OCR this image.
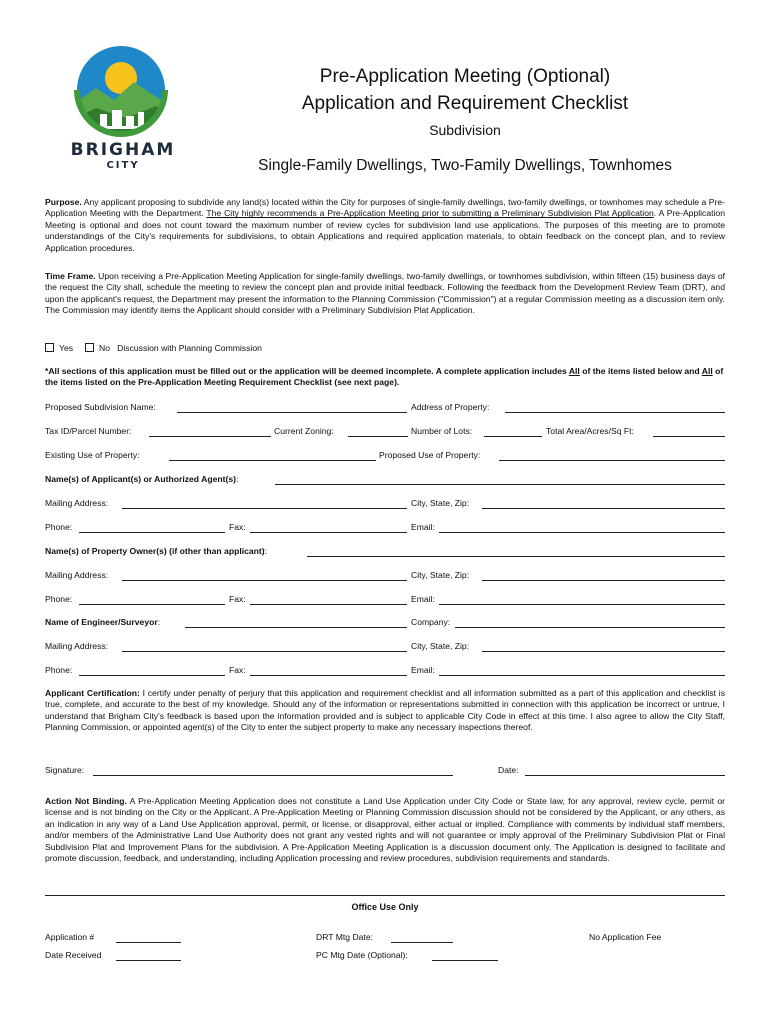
BRIGHAM
CITY
Pre-Application Meeting (Optional)
Application and Requirement Checklist
Subdivision
Single-Family Dwellings, Two-Family Dwellings, Townhomes
Purpose. Any applicant proposing to subdivide any land(s) located within the City for purposes of single-family dwellings, two-family dwellings, or townhomes may schedule a Pre-Application Meeting with the Department. The City highly recommends a Pre-Application Meeting prior to submitting a Preliminary Subdivision Plat Application. A Pre-Application Meeting is optional and does not count toward the maximum number of review cycles for subdivision land use applications. The purposes of this meeting are to promote understandings of the City's requirements for subdivisions, to obtain Applications and required application materials, to obtain feedback on the concept plan, and to review Application procedures.
Time Frame. Upon receiving a Pre-Application Meeting Application for single-family dwellings, two-family dwellings, or townhomes subdivision, within fifteen (15) business days of the request the City shall, schedule the meeting to review the concept plan and provide initial feedback. Following the feedback from the Development Review Team (DRT), and upon the applicant's request, the Department may present the information to the Planning Commission ("Commission") at a regular Commission meeting as a discussion item only. The Commission may identify items the Applicant should consider with a Preliminary Subdivision Plat Application.
Yes	No Discussion with Planning Commission
*All sections of this application must be filled out or the application will be deemed incomplete. A complete application includes All of the items listed below and All of the items listed on the Pre-Application Meeting Requirement Checklist (see next page).
Proposed Subdivision Name:	Address of Property:
Tax ID/Parcel Number:	Current Zoning:	Number of Lots:	Total Area/Acres/Sq Ft:
Existing Use of Property:	Proposed Use of Property:
Name(s) of Applicant(s) or Authorized Agent(s):
Mailing Address:	City, State, Zip:
Phone:	Fax:	Email:
Name(s) of Property Owner(s) (if other than applicant):
Mailing Address:	City, State, Zip:
Phone:	Fax:	Email:
Name of Engineer/Surveyor:	Company:
Mailing Address:	City, State, Zip:
Phone:	Fax:	Email:
Applicant Certification: I certify under penalty of perjury that this application and requirement checklist and all information submitted as a part of this application and checklist is true, complete, and accurate to the best of my knowledge. Should any of the information or representations submitted in connection with this application be incorrect or untrue, I understand that Brigham City's feedback is based upon the information provided and is subject to applicable City Code in effect at this time. I also agree to allow the City Staff, Planning Commission, or appointed agent(s) of the City to enter the subject property to make any necessary inspections thereof.
Signature:	Date:
Action Not Binding. A Pre-Application Meeting Application does not constitute a Land Use Application under City Code or State law, for any approval, review cycle, permit or license and is not binding on the City or the Applicant. A Pre-Application Meeting or Planning Commission discussion should not be considered by the Applicant, or any others, as an indication in any way of a Land Use Application approval, permit, or license, or disapproval, either actual or implied. Compliance with comments by individual staff members, and/or members of the Administrative Land Use Authority does not grant any vested rights and will not guarantee or imply approval of the Preliminary Subdivision Plat or Final Subdivision Plat and Improvement Plans for the subdivision. A Pre-Application Meeting Application is a discussion document only. The Application is designed to facilitate and promote discussion, feedback, and understanding, including Application processing and review procedures, subdivision requirements and standards.
Office Use Only
Application #	DRT Mtg Date:	No Application Fee
Date Received	PC Mtg Date (Optional):
